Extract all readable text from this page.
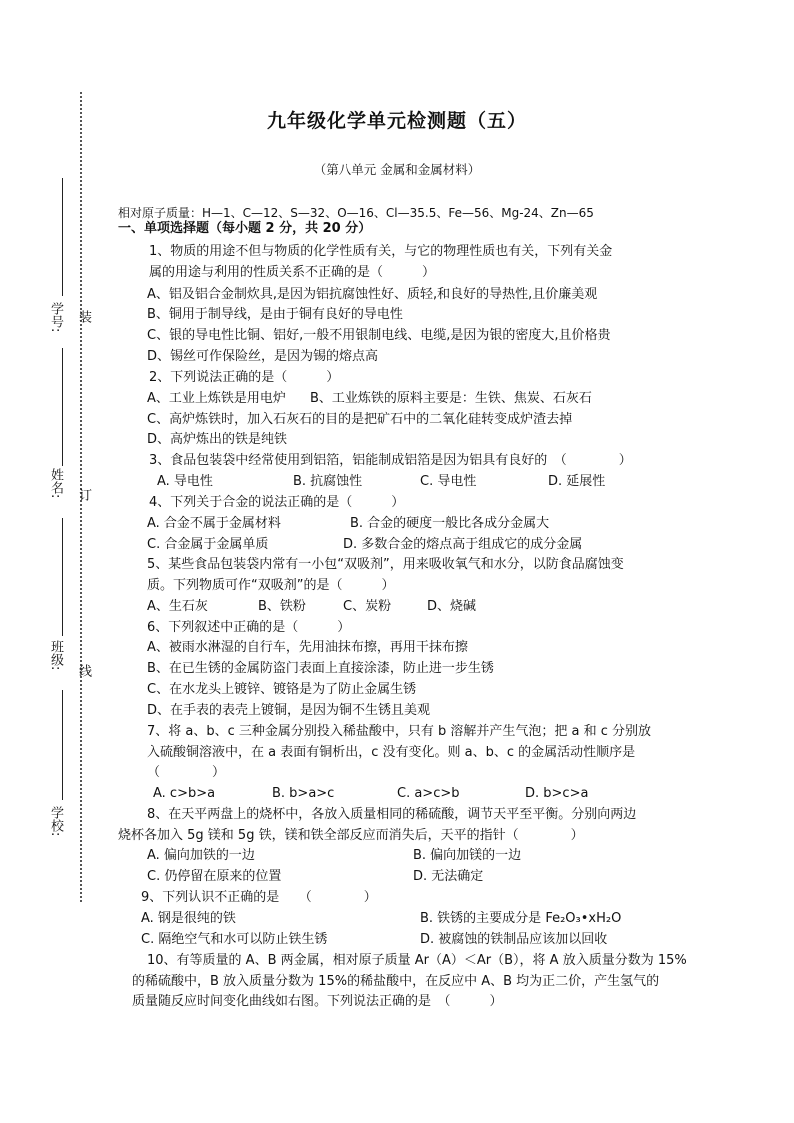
装
订
线
学号:
姓名:
班级:
学校:
九年级化学单元检测题（五）
（第八单元 金属和金属材料）
相对原子质量：H—1、C—12、S—32、O—16、Cl—35.5、Fe—56、Mg-24、Zn—65
一、单项选择题（每小题 2 分，共 20 分）
1、物质的用途不但与物质的化学性质有关，与它的物理性质也有关，下列有关金
属的用途与利用的性质关系不正确的是（　　　）
A、铝及铝合金制炊具,是因为铝抗腐蚀性好、质轻,和良好的导热性,且价廉美观
B、铜用于制导线，是由于铜有良好的导电性
C、银的导电性比铜、铝好,一般不用银制电线、电缆,是因为银的密度大,且价格贵
D、锡丝可作保险丝，是因为锡的熔点高
2、下列说法正确的是（　　　）
A、工业上炼铁是用电炉 B、工业炼铁的原料主要是：生铁、焦炭、石灰石
C、高炉炼铁时，加入石灰石的目的是把矿石中的二氧化硅转变成炉渣去掉
D、高炉炼出的铁是纯铁
3、食品包装袋中经常使用到铝箔，铝能制成铝箔是因为铝具有良好的　（　　　　）
A. 导电性	B. 抗腐蚀性	C. 导电性	D. 延展性
4、下列关于合金的说法正确的是（　　　）
A. 合金不属于金属材料	B. 合金的硬度一般比各成分金属大
C. 合金属于金属单质	D. 多数合金的熔点高于组成它的成分金属
5、某些食品包装袋内常有一小包“双吸剂”，用来吸收氧气和水分，以防食品腐蚀变
质。下列物质可作“双吸剂”的是（　　　）
A、生石灰	B、铁粉	C、炭粉	D、烧碱
6、下列叙述中正确的是（　　　）
A、被雨水淋湿的自行车，先用油抹布擦，再用干抹布擦
B、在已生锈的金属防盗门表面上直接涂漆，防止进一步生锈
C、在水龙头上镀锌、镀铬是为了防止金属生锈
D、在手表的表壳上镀铜，是因为铜不生锈且美观
7、将 a、b、c 三种金属分别投入稀盐酸中，只有 b 溶解并产生气泡；把 a 和 c 分别放
入硫酸铜溶液中，在 a 表面有铜析出，c 没有变化。则 a、b、c 的金属活动性顺序是
（　　　　）
A. c>b>a	B. b>a>c	C. a>c>b	D. b>c>a
8、在天平两盘上的烧杯中，各放入质量相同的稀硫酸，调节天平至平衡。分别向两边
烧杯各加入 5g 镁和 5g 铁，镁和铁全部反应而消失后，天平的指针（　　　　）
A. 偏向加铁的一边	B. 偏向加镁的一边
C. 仍停留在原来的位置	D. 无法确定
9、下列认识不正确的是　　（　　　　）
A. 钢是很纯的铁	B. 铁锈的主要成分是 Fe₂O₃•xH₂O
C. 隔绝空气和水可以防止铁生锈	D. 被腐蚀的铁制品应该加以回收
10、有等质量的 A、B 两金属，相对原子质量 Ar（A）＜Ar（B），将 A 放入质量分数为 15%
的稀硫酸中，B 放入质量分数为 15%的稀盐酸中，在反应中 A、B 均为正二价，产生氢气的
质量随反应时间变化曲线如右图。下列说法正确的是　（　　　）
